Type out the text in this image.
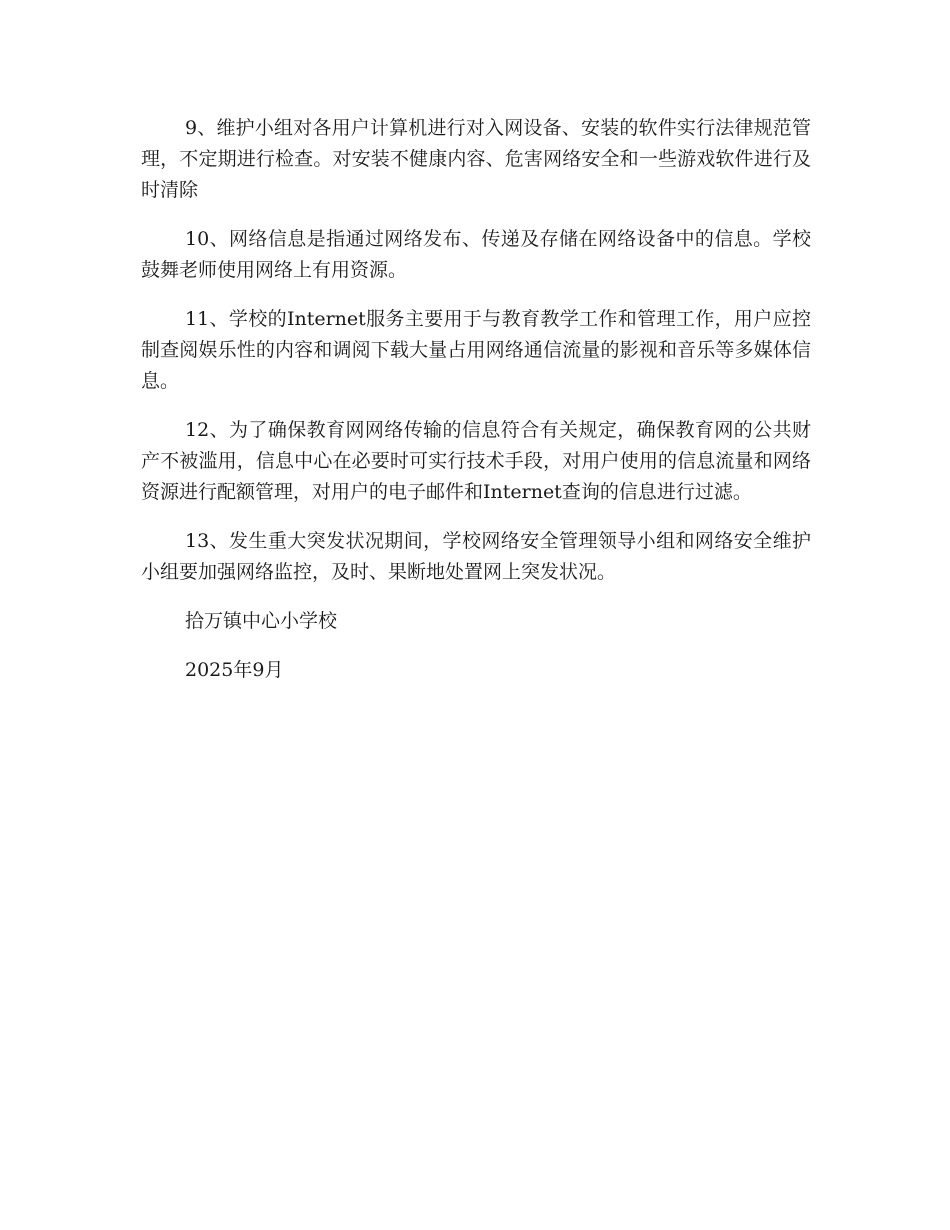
9、维护小组对各用户计算机进行对入网设备、安装的软件实行法律规范管理，不定期进行检查。对安装不健康内容、危害网络安全和一些游戏软件进行及时清除

10、网络信息是指通过网络发布、传递及存储在网络设备中的信息。学校鼓舞老师使用网络上有用资源。

11、学校的Internet服务主要用于与教育教学工作和管理工作，用户应控制查阅娱乐性的内容和调阅下载大量占用网络通信流量的影视和音乐等多媒体信息。

12、为了确保教育网网络传输的信息符合有关规定，确保教育网的公共财产不被滥用，信息中心在必要时可实行技术手段，对用户使用的信息流量和网络资源进行配额管理，对用户的电子邮件和Internet查询的信息进行过滤。

13、发生重大突发状况期间，学校网络安全管理领导小组和网络安全维护小组要加强网络监控，及时、果断地处置网上突发状况。

拾万镇中心小学校

2025年9月
